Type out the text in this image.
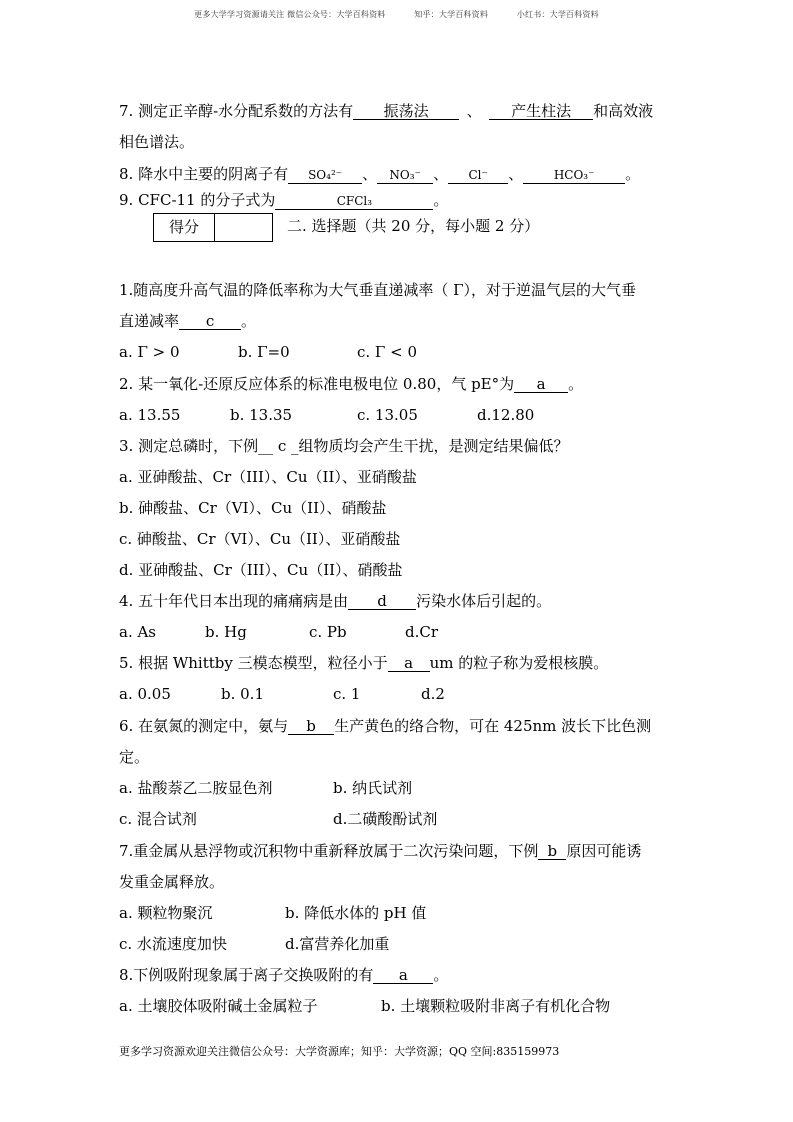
更多大学学习资源请关注 微信公众号：大学百科资料	知乎：大学百科资料	小红书：大学百科资料
7. 测定正辛醇-水分配系数的方法有 振荡法	、 产生柱法 和高效液
相色谱法。
8. 降水中主要的阴离子有 SO₄²⁻ 、 NO₃⁻ 、 Cl⁻ 、	HCO₃⁻ 。
9. CFC-11 的分子式为	CFCl₃	。
得分	二. 选择题（共 20 分，每小题 2 分）
1.随高度升高气温的降低率称为大气垂直递减率（ Γ），对于逆温气层的大气垂
直递减率 c 。
a. Γ > 0	b. Γ=0	c. Γ < 0
2. 某一氧化-还原反应体系的标准电极电位 0.80，气 pE°为 a 。
a. 13.55	b. 13.35	c. 13.05	d.12.80
3. 测定总磷时，下例__ c _组物质均会产生干扰，是测定结果偏低？
a. 亚砷酸盐、Cr（III）、Cu（II）、亚硝酸盐
b. 砷酸盐、Cr（VI）、Cu（II）、硝酸盐
c. 砷酸盐、Cr（VI）、Cu（II）、亚硝酸盐
d. 亚砷酸盐、Cr（III）、Cu（II）、硝酸盐
4. 五十年代日本出现的痛痛病是由 d 污染水体后引起的。
a. As	b. Hg	c. Pb	d.Cr
5. 根据 Whittby 三模态模型，粒径小于 a um 的粒子称为爱根核膜。
a. 0.05	b. 0.1	c. 1	d.2
6. 在氨氮的测定中，氨与 b 生产黄色的络合物，可在 425nm 波长下比色测
定。
a. 盐酸萘乙二胺显色剂	b. 纳氏试剂
c. 混合试剂	d.二磺酸酚试剂
7.重金属从悬浮物或沉积物中重新释放属于二次污染问题，下例 b 原因可能诱
发重金属释放。
a. 颗粒物聚沉	b. 降低水体的 pH 值
c. 水流速度加快	d.富营养化加重
8.下例吸附现象属于离子交换吸附的有 a 。
a. 土壤胶体吸附碱土金属粒子	b. 土壤颗粒吸附非离子有机化合物
更多学习资源欢迎关注微信公众号：大学资源库；知乎：大学资源；QQ 空间:835159973
